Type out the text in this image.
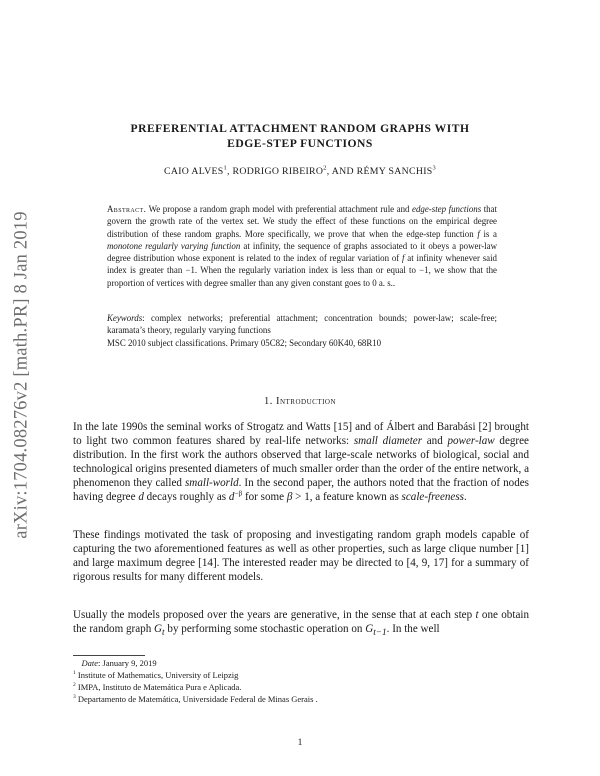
arXiv:1704.08276v2 [math.PR] 8 Jan 2019
PREFERENTIAL ATTACHMENT RANDOM GRAPHS WITH
EDGE-STEP FUNCTIONS
CAIO ALVES$^1$, RODRIGO RIBEIRO$^2$, AND RÉMY SANCHIS$^3$
Abstract. We propose a random graph model with preferential attachment rule and edge-step functions that govern the growth rate of the vertex set. We study the effect of these functions on the empirical degree distribution of these random graphs. More specifically, we prove that when the edge-step function f is a monotone regularly varying function at infinity, the sequence of graphs associated to it obeys a power-law degree distribution whose exponent is related to the index of regular variation of f at infinity whenever said index is greater than −1. When the regularly variation index is less than or equal to −1, we show that the proportion of vertices with degree smaller than any given constant goes to 0 a. s..
Keywords: complex networks; preferential attachment; concentration bounds; power-law; scale-free; karamata’s theory, regularly varying functions
MSC 2010 subject classifications. Primary 05C82; Secondary 60K40, 68R10
1. Introduction
In the late 1990s the seminal works of Strogatz and Watts [15] and of Álbert and Barabási [2] brought to light two common features shared by real-life networks: small diameter and power-law degree distribution. In the first work the authors observed that large-scale networks of biological, social and technological origins presented diameters of much smaller order than the order of the entire network, a phenomenon they called small-world. In the second paper, the authors noted that the fraction of nodes having degree d decays roughly as $d^{-\beta}$ for some β > 1, a feature known as scale-freeness.
These findings motivated the task of proposing and investigating random graph models capable of capturing the two aforementioned features as well as other properties, such as large clique number [1] and large maximum degree [14]. The interested reader may be directed to [4, 9, 17] for a summary of rigorous results for many different models.
Usually the models proposed over the years are generative, in the sense that at each step t one obtain the random graph $G_t$ by performing some stochastic operation on $G_{t-1}$. In the well
Date: January 9, 2019
$^1$ Institute of Mathematics, University of Leipzig
$^2$ IMPA, Instituto de Matemática Pura e Aplicada.
$^3$ Departamento de Matemática, Universidade Federal de Minas Gerais .
1
